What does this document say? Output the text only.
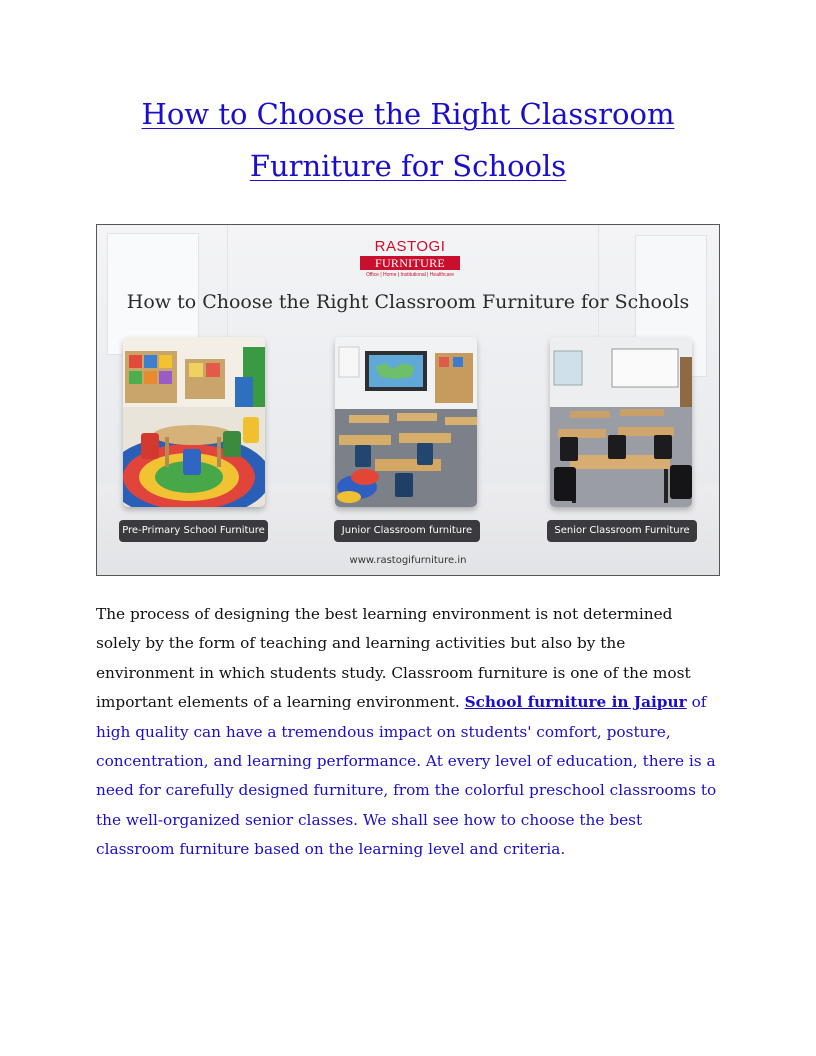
How to Choose the Right Classroom
Furniture for Schools
RASTOGI
FURNITURE
Office | Home | Institutional | Healthcare
How to Choose the Right Classroom Furniture for Schools
Pre-Primary School Furniture	Junior Classroom furniture	Senior Classroom Furniture
www.rastogifurniture.in

The process of designing the best learning environment is not determined solely by the form of teaching and learning activities but also by the environment in which students study. Classroom furniture is one of the most important elements of a learning environment. School furniture in Jaipur of high quality can have a tremendous impact on students' comfort, posture, concentration, and learning performance. At every level of education, there is a need for carefully designed furniture, from the colorful preschool classrooms to the well-organized senior classes. We shall see how to choose the best classroom furniture based on the learning level and criteria.
